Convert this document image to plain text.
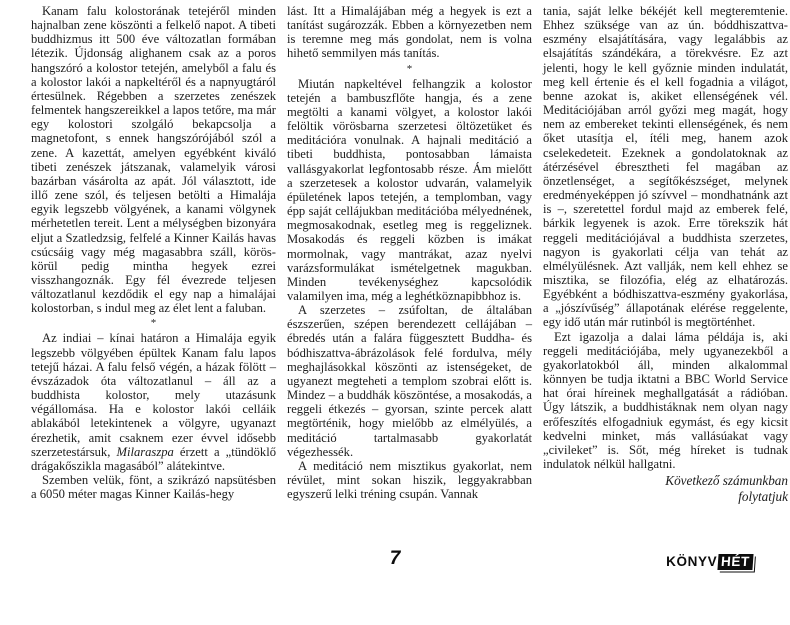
Kanam falu kolostorának tetejéről minden hajnalban zene köszönti a felkelő napot. A tibeti buddhizmus itt 500 éve változatlan formában létezik. Újdonság alighanem csak az a poros hangszóró a kolostor tetején, amelyből a falu és a kolostor lakói a napkeltéről és a napnyugtáról értesülnek. Régebben a szerzetes zenészek felmentek hangszereikkel a lapos tetőre, ma már egy kolostori szolgáló bekapcsolja a magnetofont, s ennek hangszórójából szól a zene. A kazettát, amelyen egyébként kiváló tibeti zenészek játszanak, valamelyik városi bazárban vásárolta az apát. Jól választott, ide illő zene szól, és teljesen betölti a Himalája egyik legszebb völgyének, a kanami völgynek mérhetetlen tereit. Lent a mélységben bizonyára eljut a Szatledzsig, felfelé a Kinner Kailás havas csúcsáig vagy még magasabbra száll, körös-körül pedig mintha hegyek ezrei visszhangoznák. Egy fél évezrede teljesen változatlanul kezdődik el egy nap a himalájai kolostorban, s indul meg az élet lent a faluban.

*

Az indiai – kínai határon a Himalája egyik legszebb völgyében épültek Kanam falu lapos tetejű házai. A falu felső végén, a házak fölött – évszázadok óta változatlanul – áll az a buddhista kolostor, mely utazásunk végállomása. Ha e kolostor lakói celláik ablakából letekintenek a völgyre, ugyanazt érezhetik, amit csaknem ezer évvel idősebb szerzetestársuk, Milaraszpa érzett a „tündöklő drágakőszikla magasából” alátekintve.

Szemben velük, fönt, a szikrázó napsütésben a 6050 méter magas Kinner Kailás-hegy

lást. Itt a Himalájában még a hegyek is ezt a tanítást sugározzák. Ebben a környezetben nem is teremne meg más gondolat, nem is volna hihető semmilyen más tanítás.

*

Miután napkeltével felhangzik a kolostor tetején a bambuszflőte hangja, és a zene megtölti a kanami völgyet, a kolostor lakói felöltik vörösbarna szerzetesi öltözetüket és meditációra vonulnak. A hajnali meditáció a tibeti buddhista, pontosabban lámaista vallásgyakorlat legfontosabb része. Ám mielőtt a szerzetesek a kolostor udvarán, valamelyik épületének lapos tetején, a templomban, vagy épp saját cellájukban meditációba mélyednének, megmosakodnak, esetleg meg is reggeliznek. Mosakodás és reggeli közben is imákat mormolnak, vagy mantrákat, azaz nyelvi varázsformulákat ismételgetnek magukban. Minden tevékenységhez kapcsolódik valamilyen ima, még a leghétköznapibbhoz is.

A szerzetes – zsúfoltan, de általában észszerűen, szépen berendezett cellájában – ébredés után a falára függesztett Buddha- és bódhiszattva-ábrázolások felé fordulva, mély meghajlásokkal köszönti az istenségeket, de ugyanezt megteheti a templom szobrai előtt is. Mindez – a buddhák köszöntése, a mosakodás, a reggeli étkezés – gyorsan, szinte percek alatt megtörténik, hogy mielőbb az elmélyülés, a meditáció tartalmasabb gyakorlatát végezhessék.

A meditáció nem misztikus gyakorlat, nem révület, mint sokan hiszik, leggyakrabban egyszerű lelki tréning csupán. Vannak

tania, saját lelke békéjét kell megteremtenie. Ehhez szüksége van az ún. bóddhiszattva-eszmény elsajátítására, vagy legalábbis az elsajátítás szándékára, a törekvésre. Ez azt jelenti, hogy le kell győznie minden indulatát, meg kell értenie és el kell fogadnia a világot, benne azokat is, akiket ellenségének vél. Meditációjában arról győzi meg magát, hogy nem az embereket tekinti ellenségének, és nem őket utasítja el, ítéli meg, hanem azok cselekedeteit. Ezeknek a gondolatoknak az átérzésével ébresztheti fel magában az önzetlenséget, a segítőkészséget, melynek eredményeképpen jó szívvel – mondhatnánk azt is –, szeretettel fordul majd az emberek felé, bárkik legyenek is azok. Erre törekszik hát reggeli meditációjával a buddhista szerzetes, nagyon is gyakorlati célja van tehát az elmélyülésnek. Azt vallják, nem kell ehhez se misztika, se filozófia, elég az elhatározás. Egyébként a bódhiszattva-eszmény gyakorlása, a „jószívűség” állapotának elérése reggelente, egy idő után már rutinból is megtörténhet.

Ezt igazolja a dalai láma példája is, aki reggeli meditációjába, mely ugyanezekből a gyakorlatokból áll, minden alkalommal könnyen be tudja iktatni a BBC World Service hat órai híreinek meghallgatását a rádióban. Úgy látszik, a buddhistáknak nem olyan nagy erőfeszítés elfogadniuk egymást, és egy kicsit kedvelni minket, más vallásúakat vagy „civileket” is. Sőt, még híreket is tudnak indulatok nélkül hallgatni.

Következő számunkban
folytatjuk

7	KÖNYV HÉT
